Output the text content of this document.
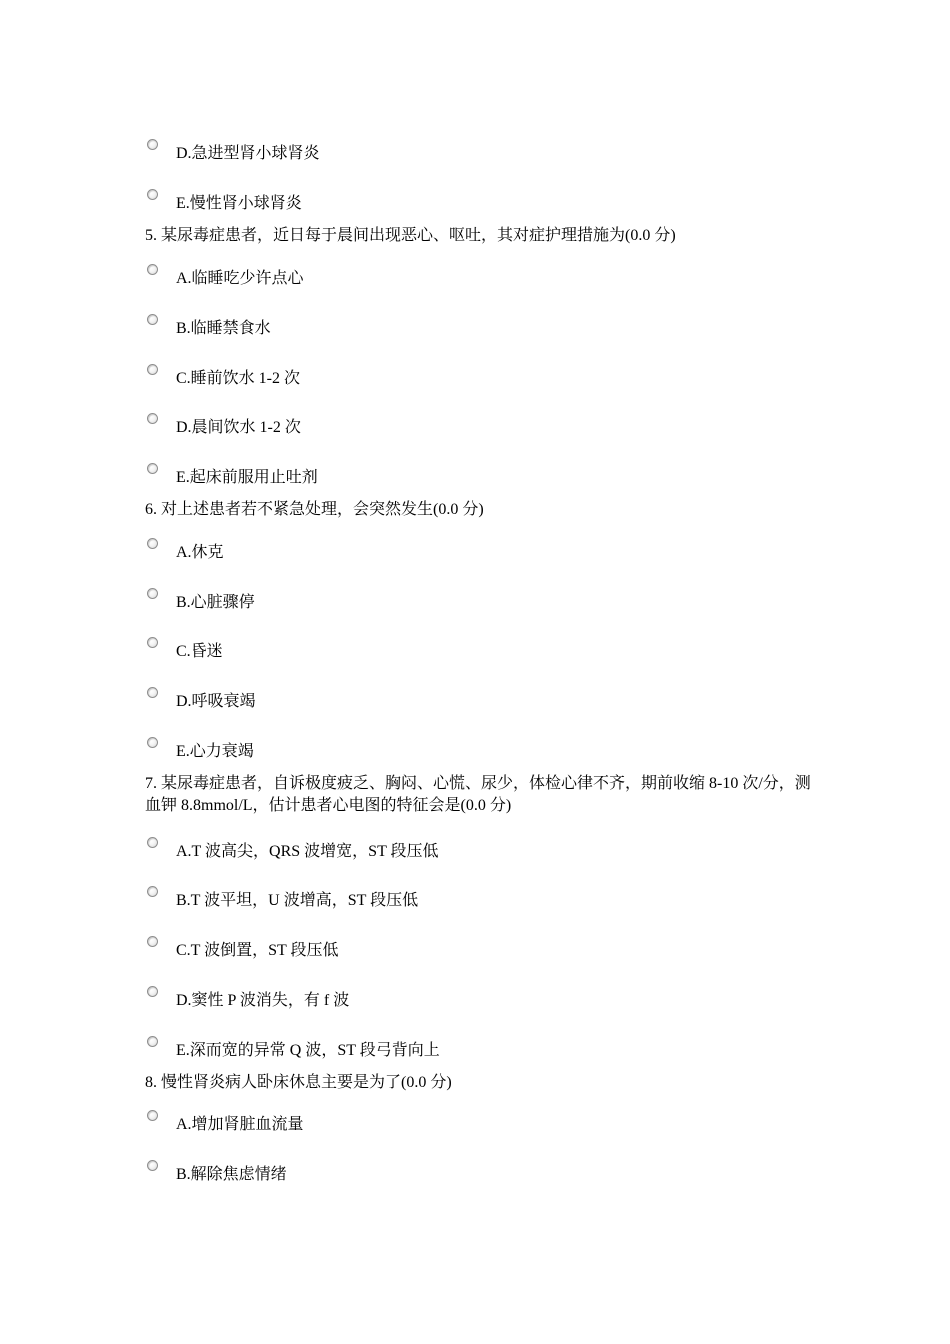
D.急进型肾小球肾炎
E.慢性肾小球肾炎
5. 某尿毒症患者，近日每于晨间出现恶心、呕吐，其对症护理措施为(0.0 分)
A.临睡吃少许点心
B.临睡禁食水
C.睡前饮水 1-2 次
D.晨间饮水 1-2 次
E.起床前服用止吐剂
6. 对上述患者若不紧急处理，会突然发生(0.0 分)
A.休克
B.心脏骤停
C.昏迷
D.呼吸衰竭
E.心力衰竭
7. 某尿毒症患者，自诉极度疲乏、胸闷、心慌、尿少，体检心律不齐，期前收缩 8-10 次/分，测血钾 8.8mmol/L，估计患者心电图的特征会是(0.0 分)
A.T 波高尖，QRS 波增宽，ST 段压低
B.T 波平坦，U 波增高，ST 段压低
C.T 波倒置，ST 段压低
D.窦性 P 波消失，有 f 波
E.深而宽的异常 Q 波，ST 段弓背向上
8. 慢性肾炎病人卧床休息主要是为了(0.0 分)
A.增加肾脏血流量
B.解除焦虑情绪
